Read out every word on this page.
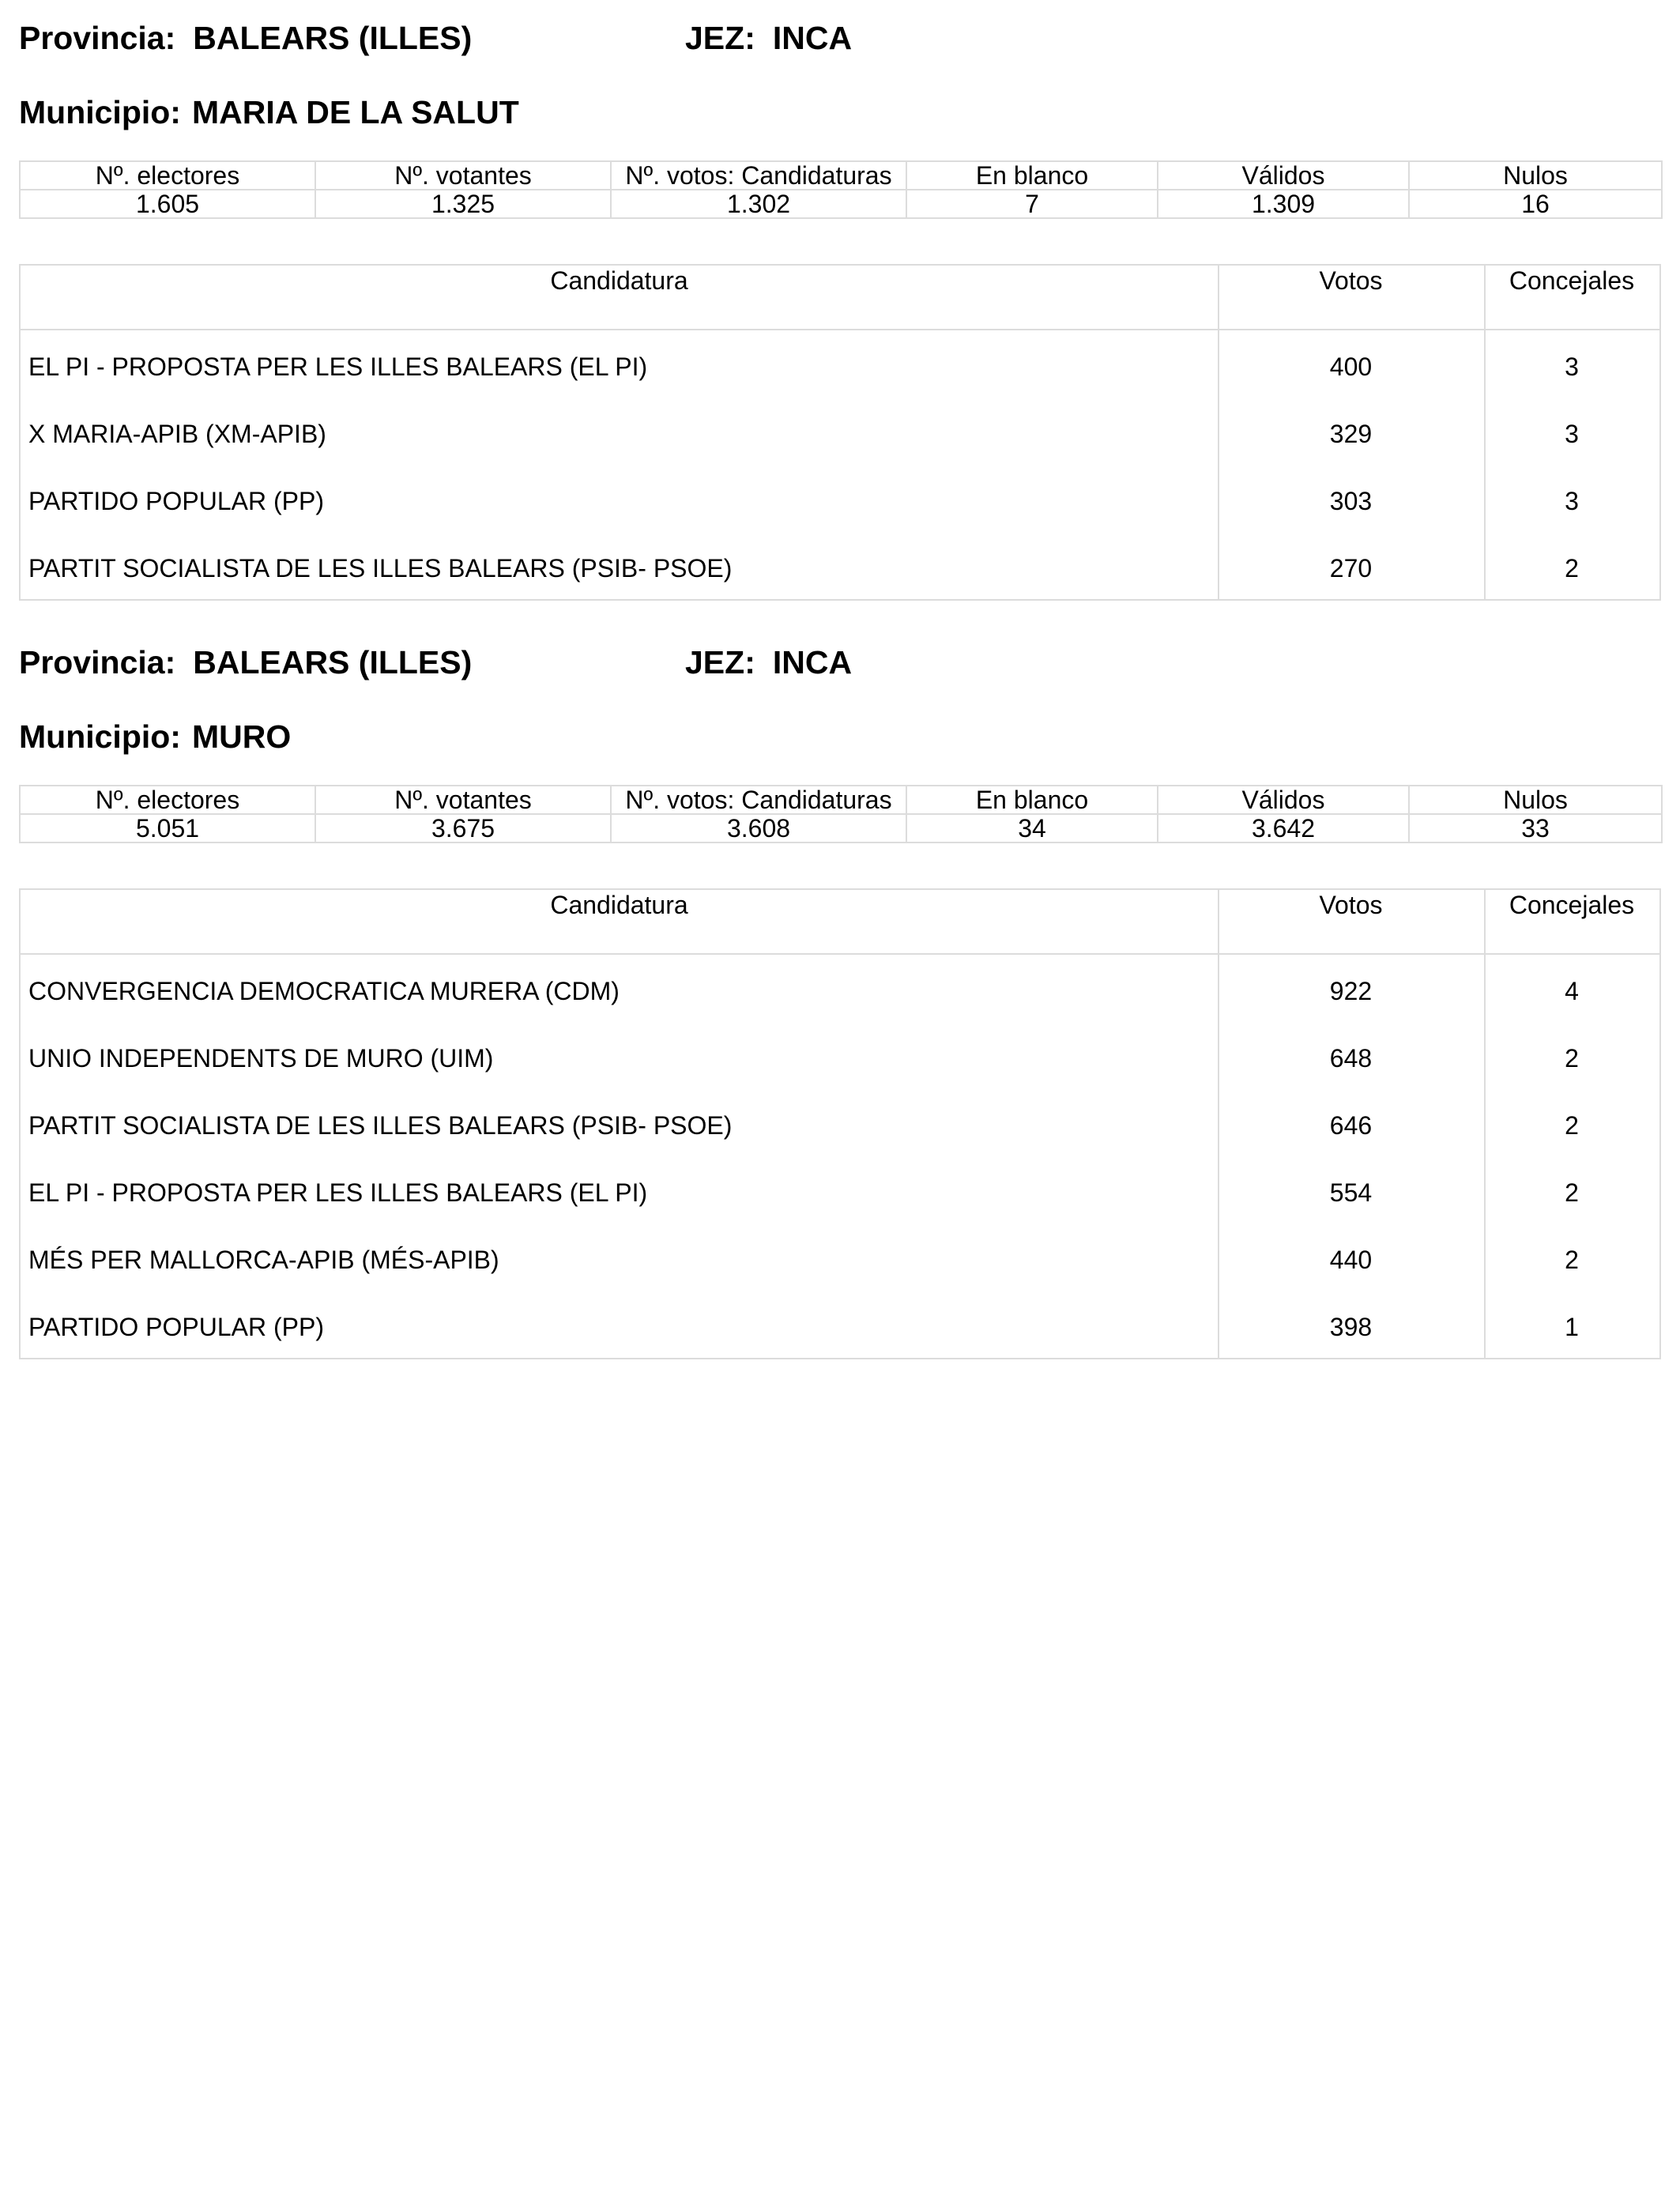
Provincia: BALEARS (ILLES)	JEZ: INCA
Municipio: MARIA DE LA SALUT
Nº. electores	Nº. votantes	Nº. votos: Candidaturas	En blanco	Válidos	Nulos
1.605	1.325	1.302	7	1.309	16
Candidatura	Votos	Concejales
EL PI - PROPOSTA PER LES ILLES BALEARS (EL PI)	400	3
X MARIA-APIB (XM-APIB)	329	3
PARTIDO POPULAR (PP)	303	3
PARTIT SOCIALISTA DE LES ILLES BALEARS (PSIB- PSOE)	270	2
Provincia: BALEARS (ILLES)	JEZ: INCA
Municipio: MURO
Nº. electores	Nº. votantes	Nº. votos: Candidaturas	En blanco	Válidos	Nulos
5.051	3.675	3.608	34	3.642	33
Candidatura	Votos	Concejales
CONVERGENCIA DEMOCRATICA MURERA (CDM)	922	4
UNIO INDEPENDENTS DE MURO (UIM)	648	2
PARTIT SOCIALISTA DE LES ILLES BALEARS (PSIB- PSOE)	646	2
EL PI - PROPOSTA PER LES ILLES BALEARS (EL PI)	554	2
MÉS PER MALLORCA-APIB (MÉS-APIB)	440	2
PARTIDO POPULAR (PP)	398	1
